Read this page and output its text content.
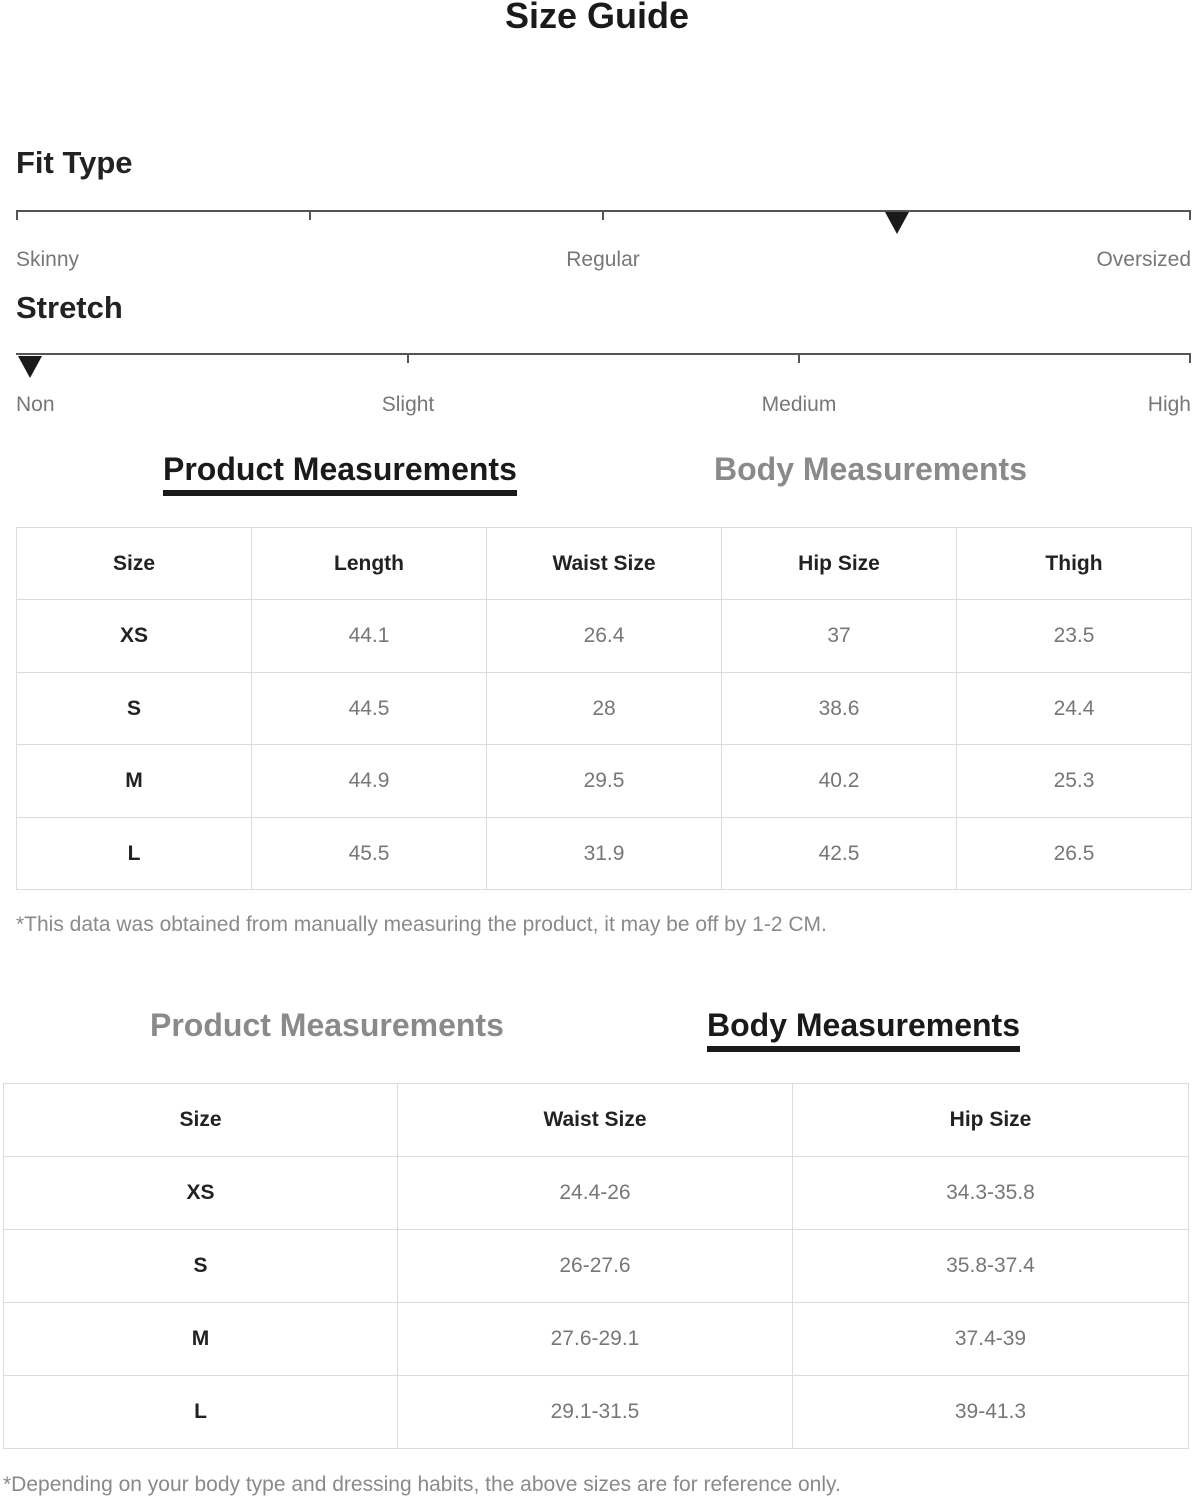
Size Guide
Fit Type
Skinny	Regular	Oversized
Stretch
Non	Slight	Medium	High
Product Measurements	Body Measurements
Size	Length	Waist Size	Hip Size	Thigh
XS	44.1	26.4	37	23.5
S	44.5	28	38.6	24.4
M	44.9	29.5	40.2	25.3
L	45.5	31.9	42.5	26.5
*This data was obtained from manually measuring the product, it may be off by 1-2 CM.
Product Measurements	Body Measurements
Size	Waist Size	Hip Size
XS	24.4-26	34.3-35.8
S	26-27.6	35.8-37.4
M	27.6-29.1	37.4-39
L	29.1-31.5	39-41.3
*Depending on your body type and dressing habits, the above sizes are for reference only.
